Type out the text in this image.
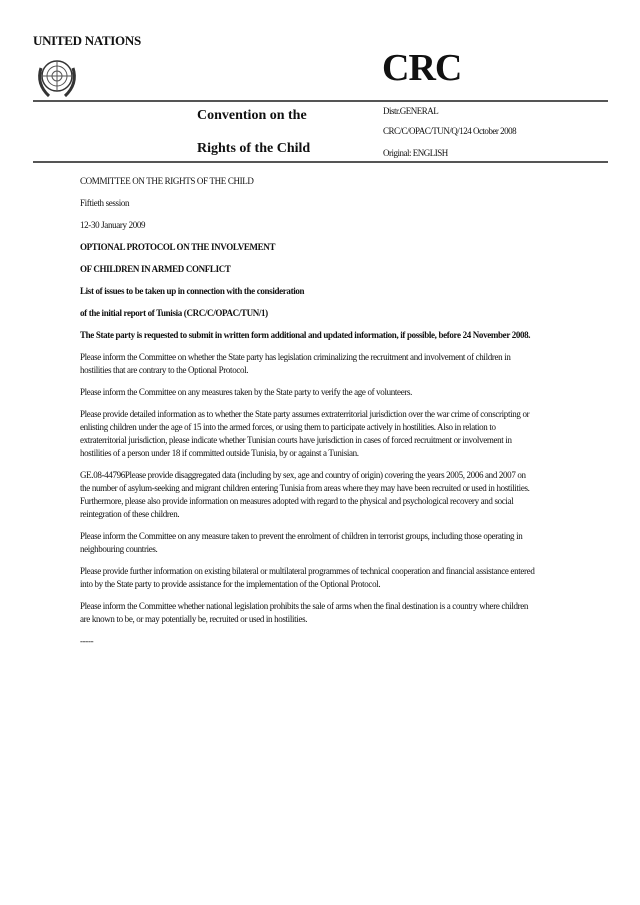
UNITED NATIONS
CRC
Convention on the
Rights of the Child
Distr.GENERAL
CRC/C/OPAC/TUN/Q/124 October 2008
Original: ENGLISH

COMMITTEE ON THE RIGHTS OF THE CHILD

Fiftieth session

12-30 January 2009

OPTIONAL PROTOCOL ON THE INVOLVEMENT

OF CHILDREN IN ARMED CONFLICT

List of issues to be taken up in connection with the consideration

of the initial report of Tunisia (CRC/C/OPAC/TUN/1)

The State party is requested to submit in written form additional and updated information, if possible, before 24 November 2008.

Please inform the Committee on whether the State party has legislation criminalizing the recruitment and involvement of children in hostilities that are contrary to the Optional Protocol.

Please inform the Committee on any measures taken by the State party to verify the age of volunteers.

Please provide detailed information as to whether the State party assumes extraterritorial jurisdiction over the war crime of conscripting or enlisting children under the age of 15 into the armed forces, or using them to participate actively in hostilities. Also in relation to extraterritorial jurisdiction, please indicate whether Tunisian courts have jurisdiction in cases of forced recruitment or involvement in hostilities of a person under 18 if committed outside Tunisia, by or against a Tunisian.

GE.08-44796Please provide disaggregated data (including by sex, age and country of origin) covering the years 2005, 2006 and 2007 on the number of asylum-seeking and migrant children entering Tunisia from areas where they may have been recruited or used in hostilities. Furthermore, please also provide information on measures adopted with regard to the physical and psychological recovery and social reintegration of these children.

Please inform the Committee on any measure taken to prevent the enrolment of children in terrorist groups, including those operating in neighbouring countries.

Please provide further information on existing bilateral or multilateral programmes of technical cooperation and financial assistance entered into by the State party to provide assistance for the implementation of the Optional Protocol.

Please inform the Committee whether national legislation prohibits the sale of arms when the final destination is a country where children are known to be, or may potentially be, recruited or used in hostilities.

-----
